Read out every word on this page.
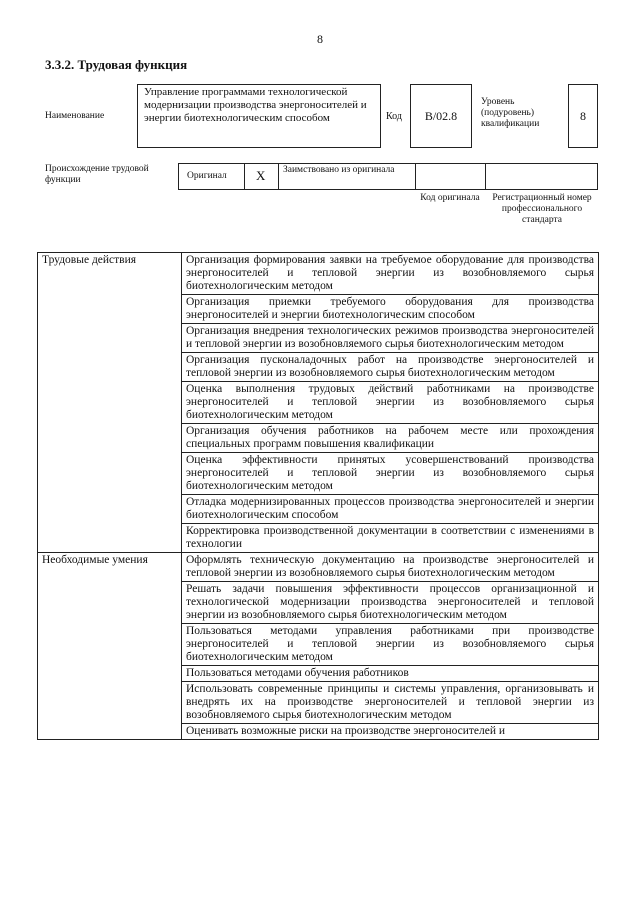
8
3.3.2. Трудовая функция
Наименование
Управление программами технологической модернизации производства энергоносителей и энергии биотехнологическим способом	Код	B/02.8
Уровень (подуровень) квалификации
8
Происхождение трудовой функции	Оригинал X Заимствовано из оригинала
Код оригинала	Регистрационный номер профессионального стандарта
Трудовые действия	Организация формирования заявки на требуемое оборудование для производства энергоносителей и тепловой энергии из возобновляемого сырья биотехнологическим методом
	Организация приемки требуемого оборудования для производства энергоносителей и энергии биотехнологическим способом
	Организация внедрения технологических режимов производства энергоносителей и тепловой энергии из возобновляемого сырья биотехнологическим методом
	Организация пусконаладочных работ на производстве энергоносителей и тепловой энергии из возобновляемого сырья биотехнологическим методом
	Оценка выполнения трудовых действий работниками на производстве энергоносителей и тепловой энергии из возобновляемого сырья биотехнологическим методом
	Организация обучения работников на рабочем месте или прохождения специальных программ повышения квалификации
	Оценка эффективности принятых усовершенствований производства энергоносителей и тепловой энергии из возобновляемого сырья биотехнологическим методом
	Отладка модернизированных процессов производства энергоносителей и энергии биотехнологическим способом
	Корректировка производственной документации в соответствии с изменениями в технологии
Необходимые умения	Оформлять техническую документацию на производстве энергоносителей и тепловой энергии из возобновляемого сырья биотехнологическим методом
	Решать задачи повышения эффективности процессов организационной и технологической модернизации производства энергоносителей и тепловой энергии из возобновляемого сырья биотехнологическим методом
	Пользоваться методами управления работниками при производстве энергоносителей и тепловой энергии из возобновляемого сырья биотехнологическим методом
	Пользоваться методами обучения работников
	Использовать современные принципы и системы управления, организовывать и внедрять их на производстве энергоносителей и тепловой энергии из возобновляемого сырья биотехнологическим методом
	Оценивать возможные риски на производстве энергоносителей и
